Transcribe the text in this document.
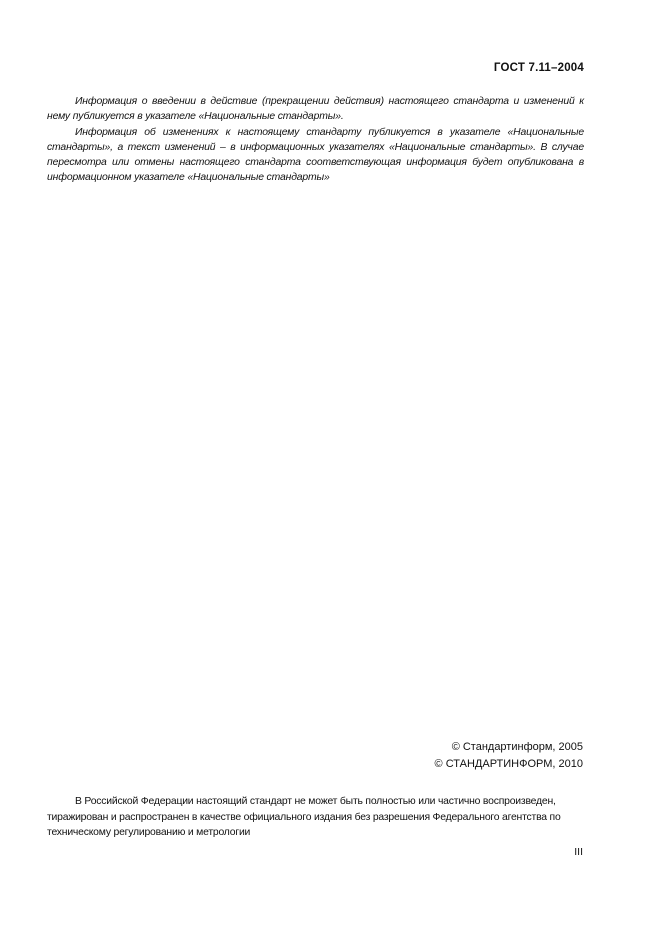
ГОСТ 7.11–2004

Информация о введении в действие (прекращении действия) настоящего стандарта и изменений к нему публикуется в указателе «Национальные стандарты».

Информация об изменениях к настоящему стандарту публикуется в указателе «Национальные стандарты», а текст изменений – в информационных указателях «Национальные стандарты». В случае пересмотра или отмены настоящего стандарта соответствующая информация будет опубликована в информационном указателе «Национальные стандарты»

© Стандартинформ, 2005
© СТАНДАРТИНФОРМ, 2010

В Российской Федерации настоящий стандарт не может быть полностью или частично воспроизведен, тиражирован и распространен в качестве официального издания без разрешения Федерального агентства по техническому регулированию и метрологии

III
